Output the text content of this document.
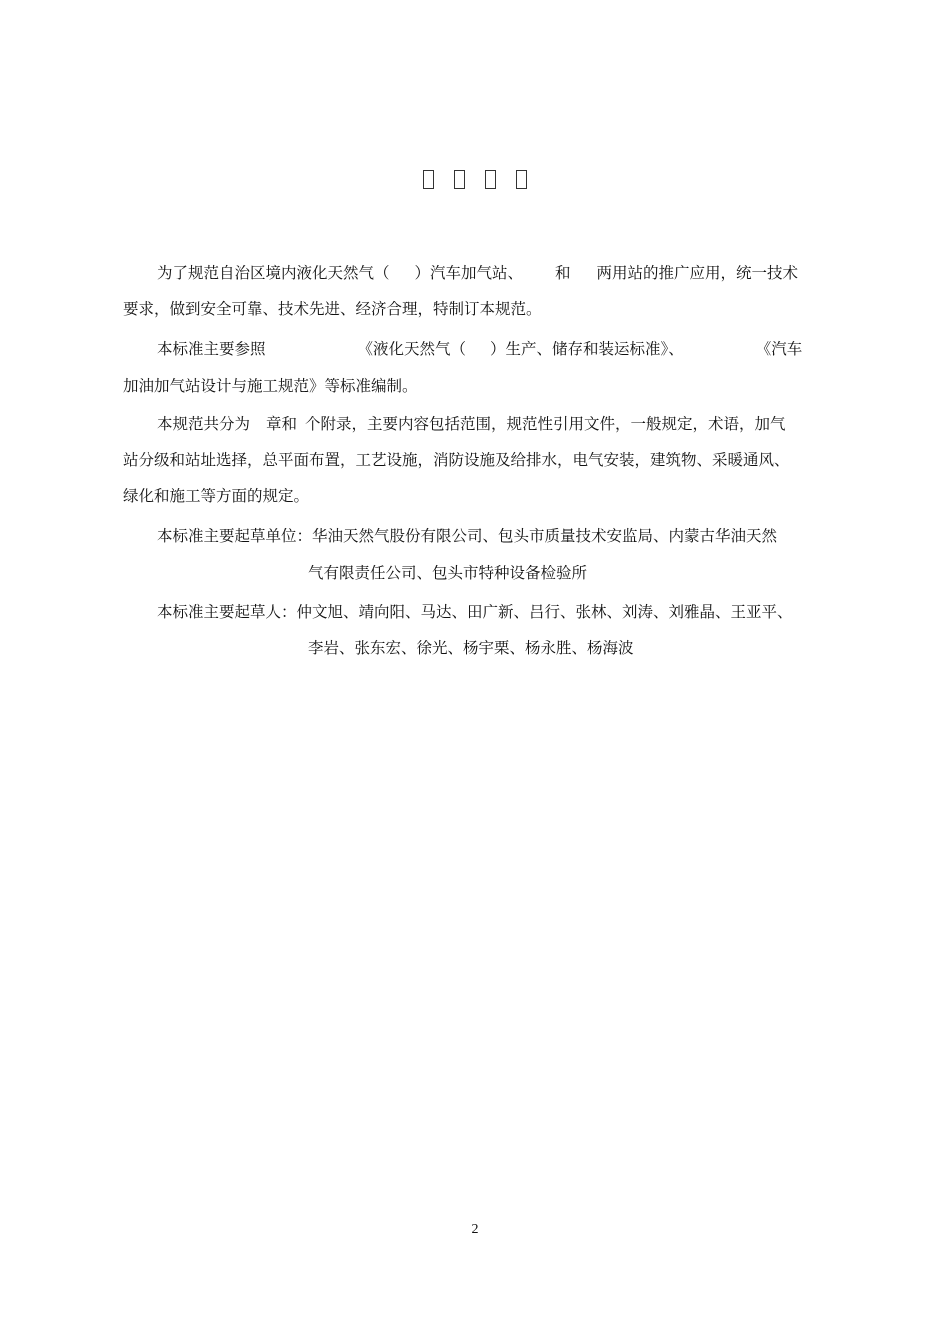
为了规范自治区境内液化天然气（ ）汽车加气站、 和 两用站的推广应用，统一技术
要求，做到安全可靠、技术先进、经济合理，特制订本规范。
本标准主要参照	《液化天然气（ ）生产、储存和装运标准》、	《汽车
加油加气站设计与施工规范》等标准编制。
本规范共分为 章和 个附录，主要内容包括范围，规范性引用文件，一般规定，术语，加气
站分级和站址选择，总平面布置，工艺设施，消防设施及给排水，电气安装，建筑物、采暖通风、
绿化和施工等方面的规定。
本标准主要起草单位：华油天然气股份有限公司、包头市质量技术安监局、内蒙古华油天然
气有限责任公司、包头市特种设备检验所
本标准主要起草人：仲文旭、靖向阳、马达、田广新、吕行、张林、刘涛、刘雅晶、王亚平、
李岩、张东宏、徐光、杨宇栗、杨永胜、杨海波
2
